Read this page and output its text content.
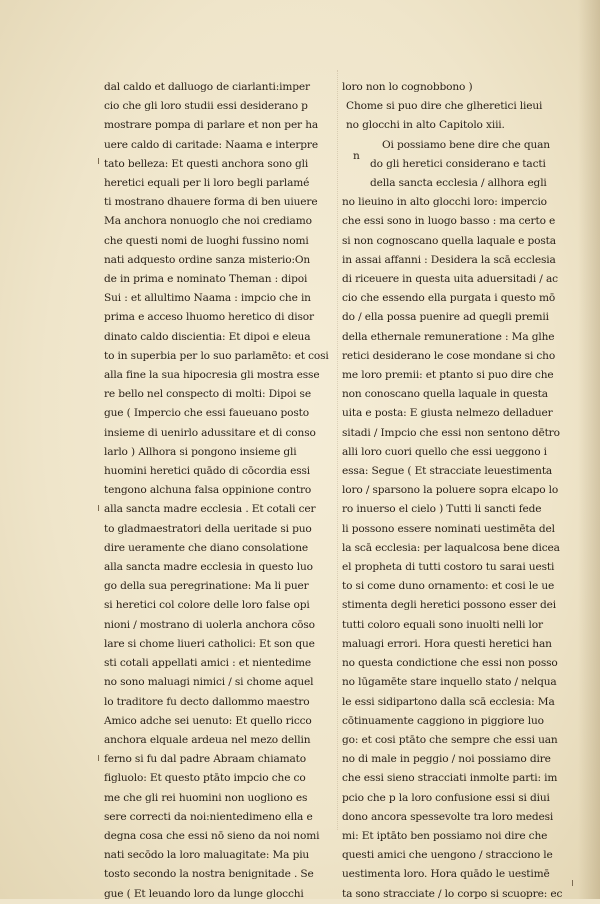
dal caldo et dalluogo de ciarlanti:imper
cio che gli loro studii essi desiderano p
mostrare pompa di parlare et non per ha
uere caldo di caritade: Naama e interpre
tato belleza: Et questi anchora sono gli
heretici equali per li loro begli parlamé
ti mostrano dhauere forma di ben uiuere
Ma anchora nonuoglo che noi crediamo
che questi nomi de luoghi fussino nomi
nati adquesto ordine sanza misterio:On
de in prima e nominato Theman : dipoi
Sui : et allultimo Naama : impcio che in
prima e acceso lhuomo heretico di disor
dinato caldo discientia: Et dipoi e eleua
to in superbia per lo suo parlamēto: et cosi
alla fine la sua hipocresia gli mostra esse
re bello nel conspecto di molti: Dipoi se
gue ( Impercio che essi faueuano posto
insieme di uenirlo adussitare et di conso
larlo ) Allhora si pongono insieme gli
huomini heretici quādo di cōcordia essi
tengono alchuna falsa oppinione contro
alla sancta madre ecclesia . Et cotali cer
to gladmaestratori della ueritade si puo
dire ueramente che diano consolatione
alla sancta madre ecclesia in questo luo
go della sua peregrinatione: Ma li puer
si heretici col colore delle loro false opi
nioni / mostrano di uolerla anchora cōso
lare si chome liueri catholici: Et son que
sti cotali appellati amici : et nientedime
no sono maluagi nimici / si chome aquel
lo traditore fu decto dallommo maestro
Amico adche sei uenuto: Et quello ricco
anchora elquale ardeua nel mezo dellin
ferno si fu dal padre Abraam chiamato
figluolo: Et questo ptāto impcio che co
me che gli rei huomini non uogliono es
sere correcti da noi:nientedimeno ella e
degna cosa che essi nō sieno da noi nomi
nati secōdo la loro maluagitate: Ma piu
tosto secondo la nostra benignitade . Se
gue ( Et leuando loro da lunge glocchi
loro non lo cognobbono )
Chome si puo dire che glheretici lieui
no glocchi in alto Capitolo xiii.
Oi possiamo bene dire che quan
do gli heretici considerano e tacti
della sancta ecclesia / allhora egli
no lieuino in alto glocchi loro: impercio
che essi sono in luogo basso : ma certo e
si non cognoscano quella laquale e posta
in assai affanni : Desidera la scā ecclesia
di riceuere in questa uita aduersitadi / ac
cio che essendo ella purgata i questo mō
do / ella possa puenire ad quegli premii
della ethernale remuneratione : Ma glhe
retici desiderano le cose mondane si cho
me loro premii: et ptanto si puo dire che
non conoscano quella laquale in questa
uita e posta: E giusta nelmezo delladuer
sitadi / Impcio che essi non sentono dētro
alli loro cuori quello che essi ueggono i
essa: Segue ( Et stracciate leuestimenta
loro / sparsono la poluere sopra elcapo lo
ro inuerso el cielo ) Tutti li sancti fede
li possono essere nominati uestimēta del
la scā ecclesia: per laqualcosa bene dicea
el propheta di tutti costoro tu sarai uesti
to si come duno ornamento: et cosi le ue
stimenta degli heretici possono esser dei
tutti coloro equali sono inuolti nelli lor
maluagi errori. Hora questi heretici han
no questa condictione che essi non posso
no lūgamēte stare inquello stato / nelqua
le essi sidipartono dalla scā ecclesia: Ma
cōtinuamente caggiono in piggiore luo
go: et cosi ptāto che sempre che essi uan
no di male in peggio / noi possiamo dire
che essi sieno stracciati inmolte parti: im
pcio che p la loro confusione essi si diui
dono ancora spessevolte tra loro medesi
mi: Et iptāto ben possiamo noi dire che
questi amici che uengono / stracciono le
uestimenta loro. Hora quādo le uestimē
ta sono stracciate / lo corpo si scuopre: ec
n
